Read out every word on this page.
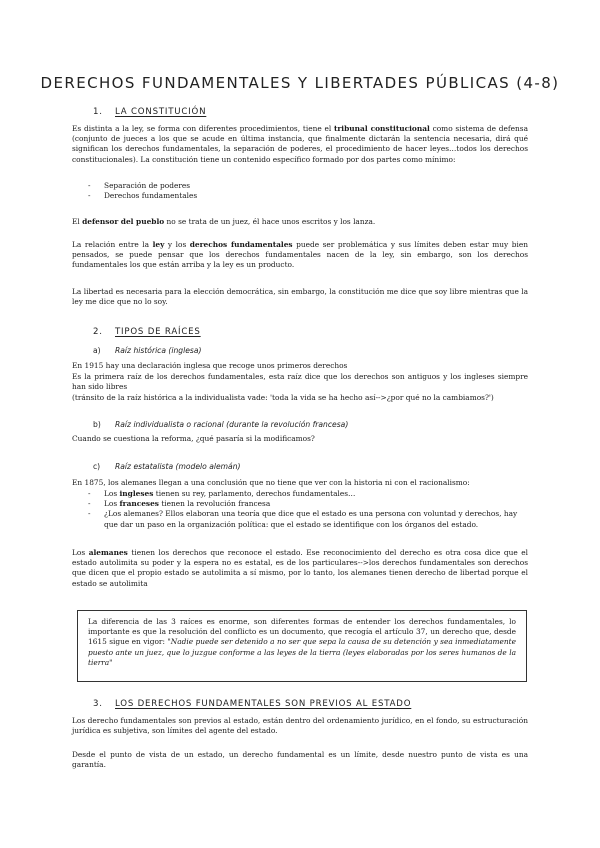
DERECHOS FUNDAMENTALES Y LIBERTADES PÚBLICAS (4-8)
1. LA CONSTITUCIÓN

Es distinta a la ley, se forma con diferentes procedimientos, tiene el tribunal constitucional como sistema de defensa (conjunto de jueces a los que se acude en última instancia, que finalmente dictarán la sentencia necesaria, dirá qué significan los derechos fundamentales, la separación de poderes, el procedimiento de hacer leyes…todos los derechos constitucionales). La constitución tiene un contenido específico formado por dos partes como mínimo:

- Separación de poderes
- Derechos fundamentales

El defensor del pueblo no se trata de un juez, él hace unos escritos y los lanza.

La relación entre la ley y los derechos fundamentales puede ser problemática y sus límites deben estar muy bien pensados, se puede pensar que los derechos fundamentales nacen de la ley, sin embargo, son los derechos fundamentales los que están arriba y la ley es un producto.

La libertad es necesaria para la elección democrática, sin embargo, la constitución me dice que soy libre mientras que la ley me dice que no lo soy.

2. TIPOS DE RAÍCES
a) Raíz histórica (inglesa)

En 1915 hay una declaración inglesa que recoge unos primeros derechos

Es la primera raíz de los derechos fundamentales, esta raíz dice que los derechos son antiguos y los ingleses siempre han sido libres

(tránsito de la raíz histórica a la individualista vade: 'toda la vida se ha hecho así-->¿por qué no la cambiamos?')

b) Raíz individualista o racional (durante la revolución francesa)

Cuando se cuestiona la reforma, ¿qué pasaría si la modificamos?

c) Raíz estatalista (modelo alemán)

En 1875, los alemanes llegan a una conclusión que no tiene que ver con la historia ni con el racionalismo:

- Los ingleses tienen su rey, parlamento, derechos fundamentales…
- Los franceses tienen la revolución francesa
- ¿Los alemanes? Ellos elaboran una teoría que dice que el estado es una persona con voluntad y derechos, hay que dar un paso en la organización política: que el estado se identifique con los órganos del estado.

Los alemanes tienen los derechos que reconoce el estado. Ese reconocimiento del derecho es otra cosa dice que el estado autolimita su poder y la espera no es estatal, es de los particulares-->los derechos fundamentales son derechos que dicen que el propio estado se autolimita a sí mismo, por lo tanto, los alemanes tienen derecho de libertad porque el estado se autolimita

La diferencia de las 3 raíces es enorme, son diferentes formas de entender los derechos fundamentales, lo importante es que la resolución del conflicto es un documento, que recogía el artículo 37, un derecho que, desde 1615 sigue en vigor: "Nadie puede ser detenido a no ser que sepa la causa de su detención y sea inmediatamente puesto ante un juez, que lo juzgue conforme a las leyes de la tierra (leyes elaboradas por los seres humanos de la tierra"

3. LOS DERECHOS FUNDAMENTALES SON PREVIOS AL ESTADO

Los derecho fundamentales son previos al estado, están dentro del ordenamiento jurídico, en el fondo, su estructuración jurídica es subjetiva, son límites del agente del estado.

Desde el punto de vista de un estado, un derecho fundamental es un límite, desde nuestro punto de vista es una garantía.
